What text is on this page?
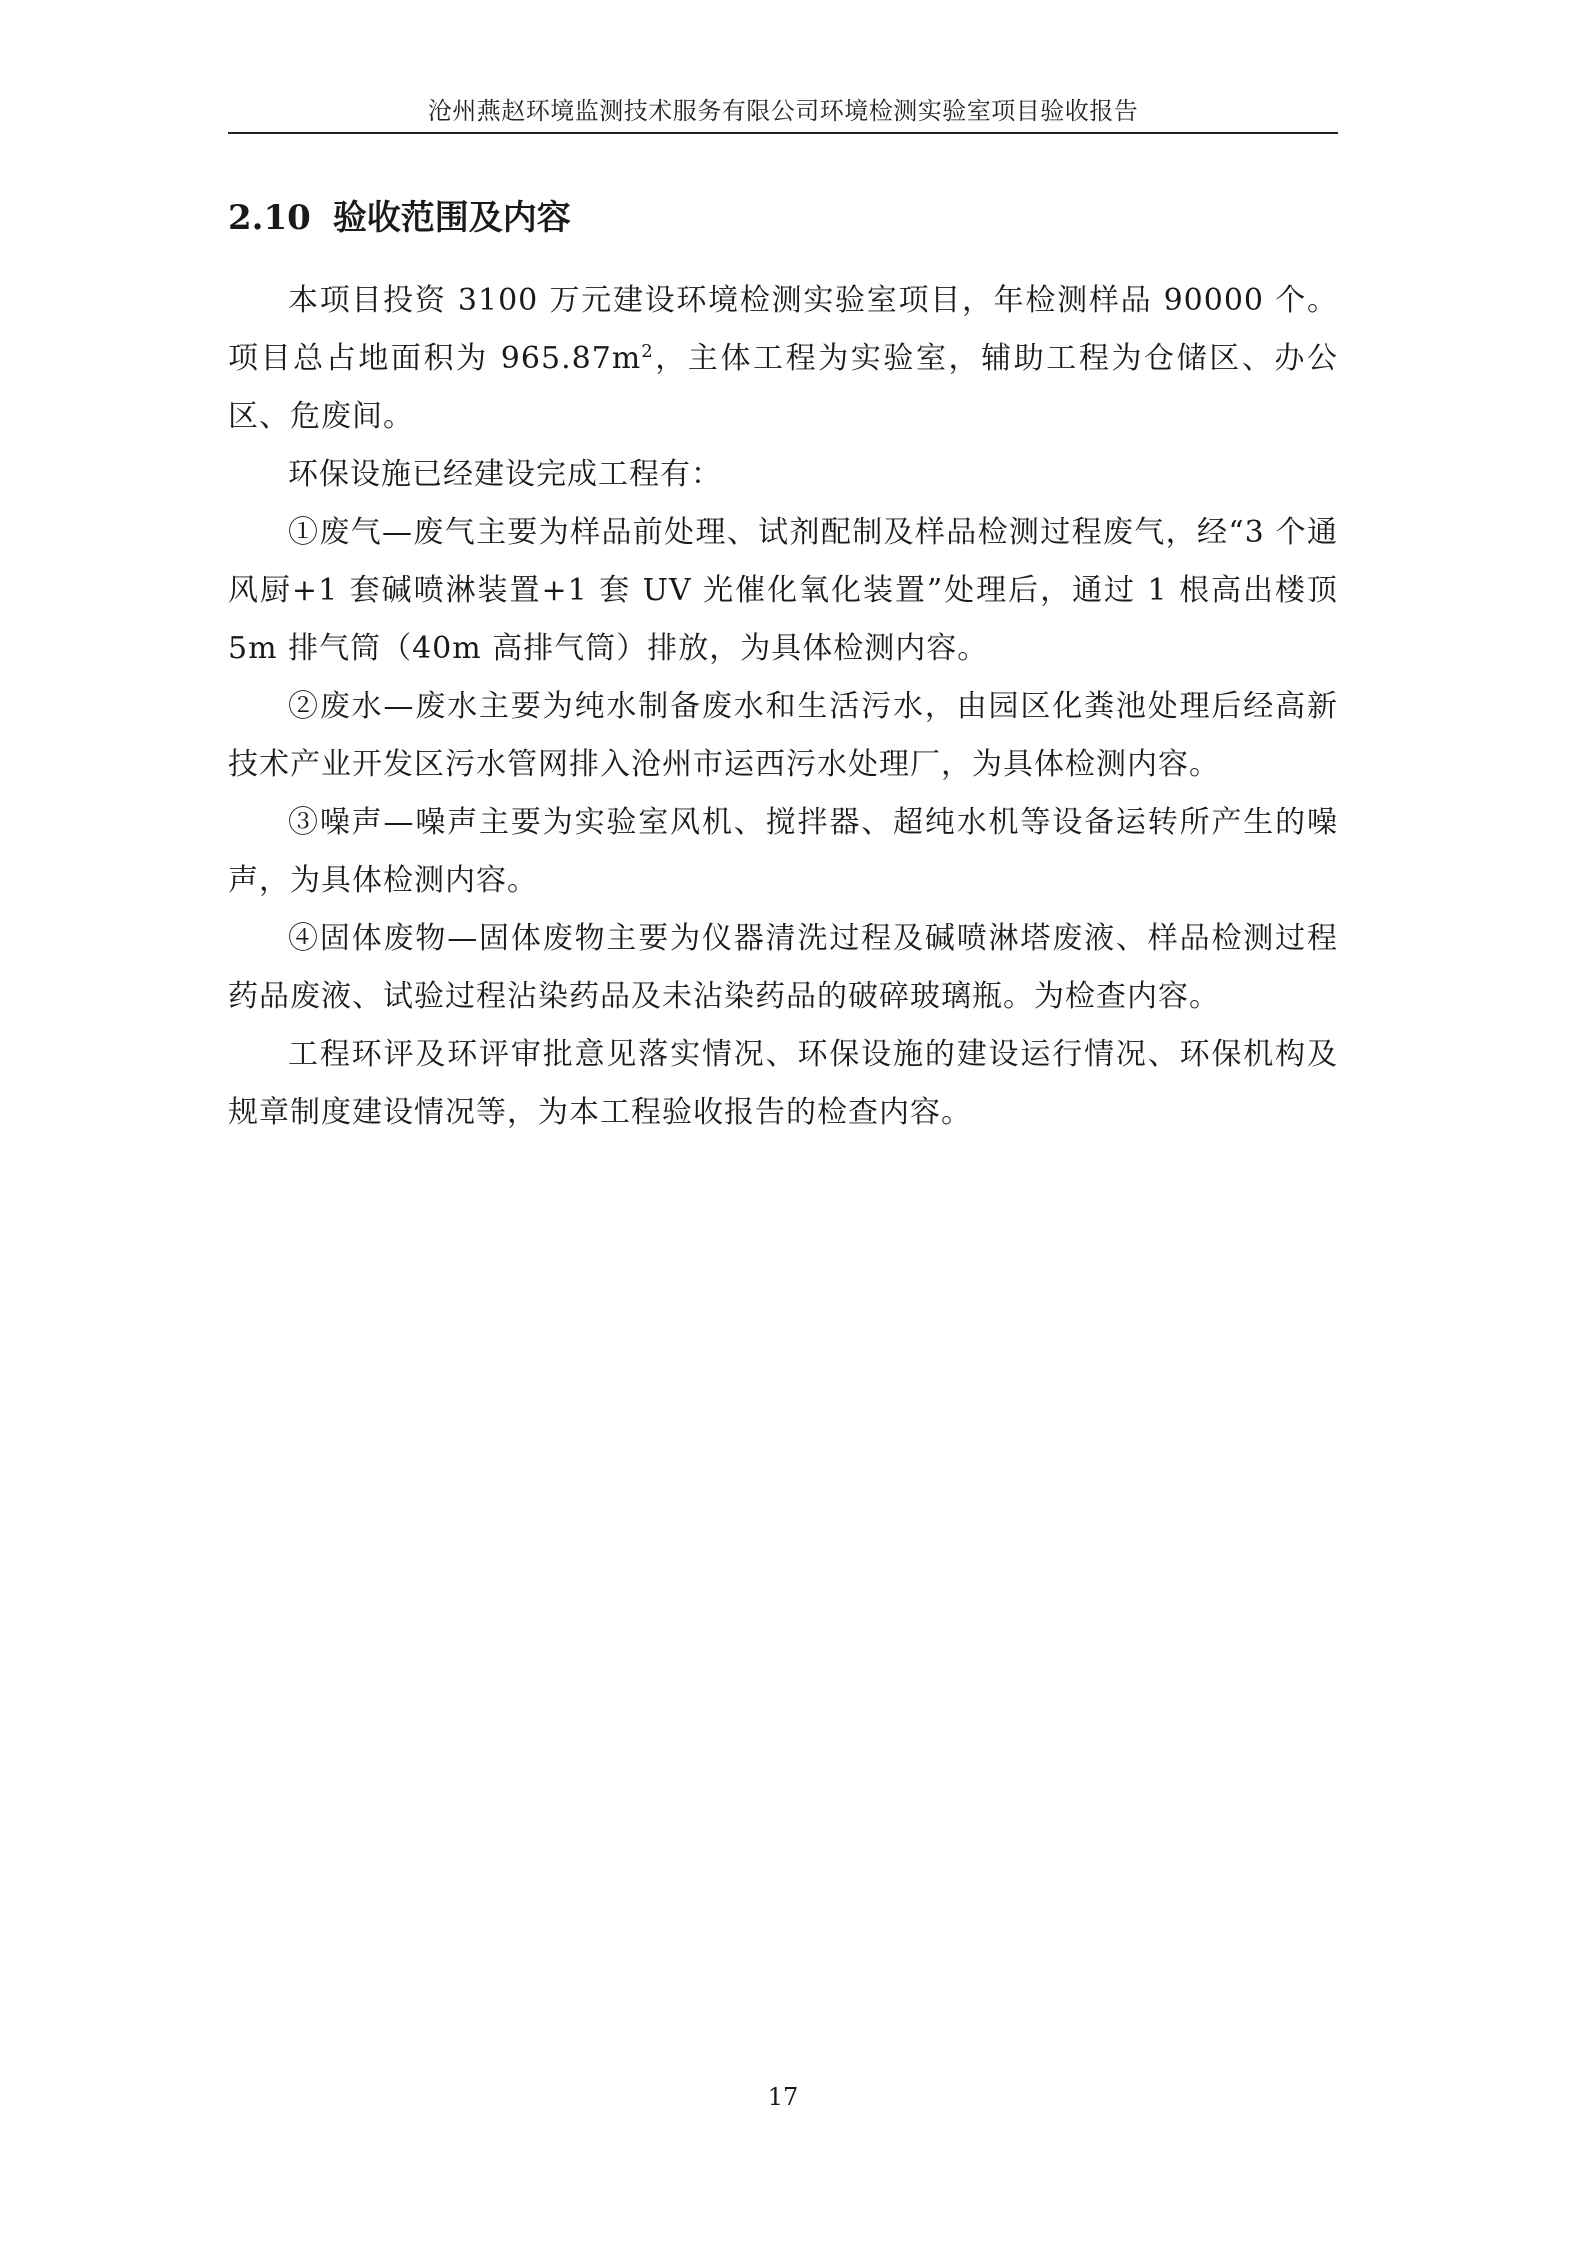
沧州燕赵环境监测技术服务有限公司环境检测实验室项目验收报告
2.10 验收范围及内容

本项目投资 3100 万元建设环境检测实验室项目，年检测样品 90000 个。项目总占地面积为 $965.87m^2$，主体工程为实验室，辅助工程为仓储区、办公区、危废间。

环保设施已经建设完成工程有：

①废气—废气主要为样品前处理、试剂配制及样品检测过程废气，经“3 个通风厨+1 套碱喷淋装置+1 套 UV 光催化氧化装置”处理后，通过 1 根高出楼顶 5m 排气筒（40m 高排气筒）排放，为具体检测内容。

②废水—废水主要为纯水制备废水和生活污水，由园区化粪池处理后经高新技术产业开发区污水管网排入沧州市运西污水处理厂，为具体检测内容。

③噪声—噪声主要为实验室风机、搅拌器、超纯水机等设备运转所产生的噪声，为具体检测内容。

④固体废物—固体废物主要为仪器清洗过程及碱喷淋塔废液、样品检测过程药品废液、试验过程沾染药品及未沾染药品的破碎玻璃瓶。为检查内容。

工程环评及环评审批意见落实情况、环保设施的建设运行情况、环保机构及规章制度建设情况等，为本工程验收报告的检查内容。

17
